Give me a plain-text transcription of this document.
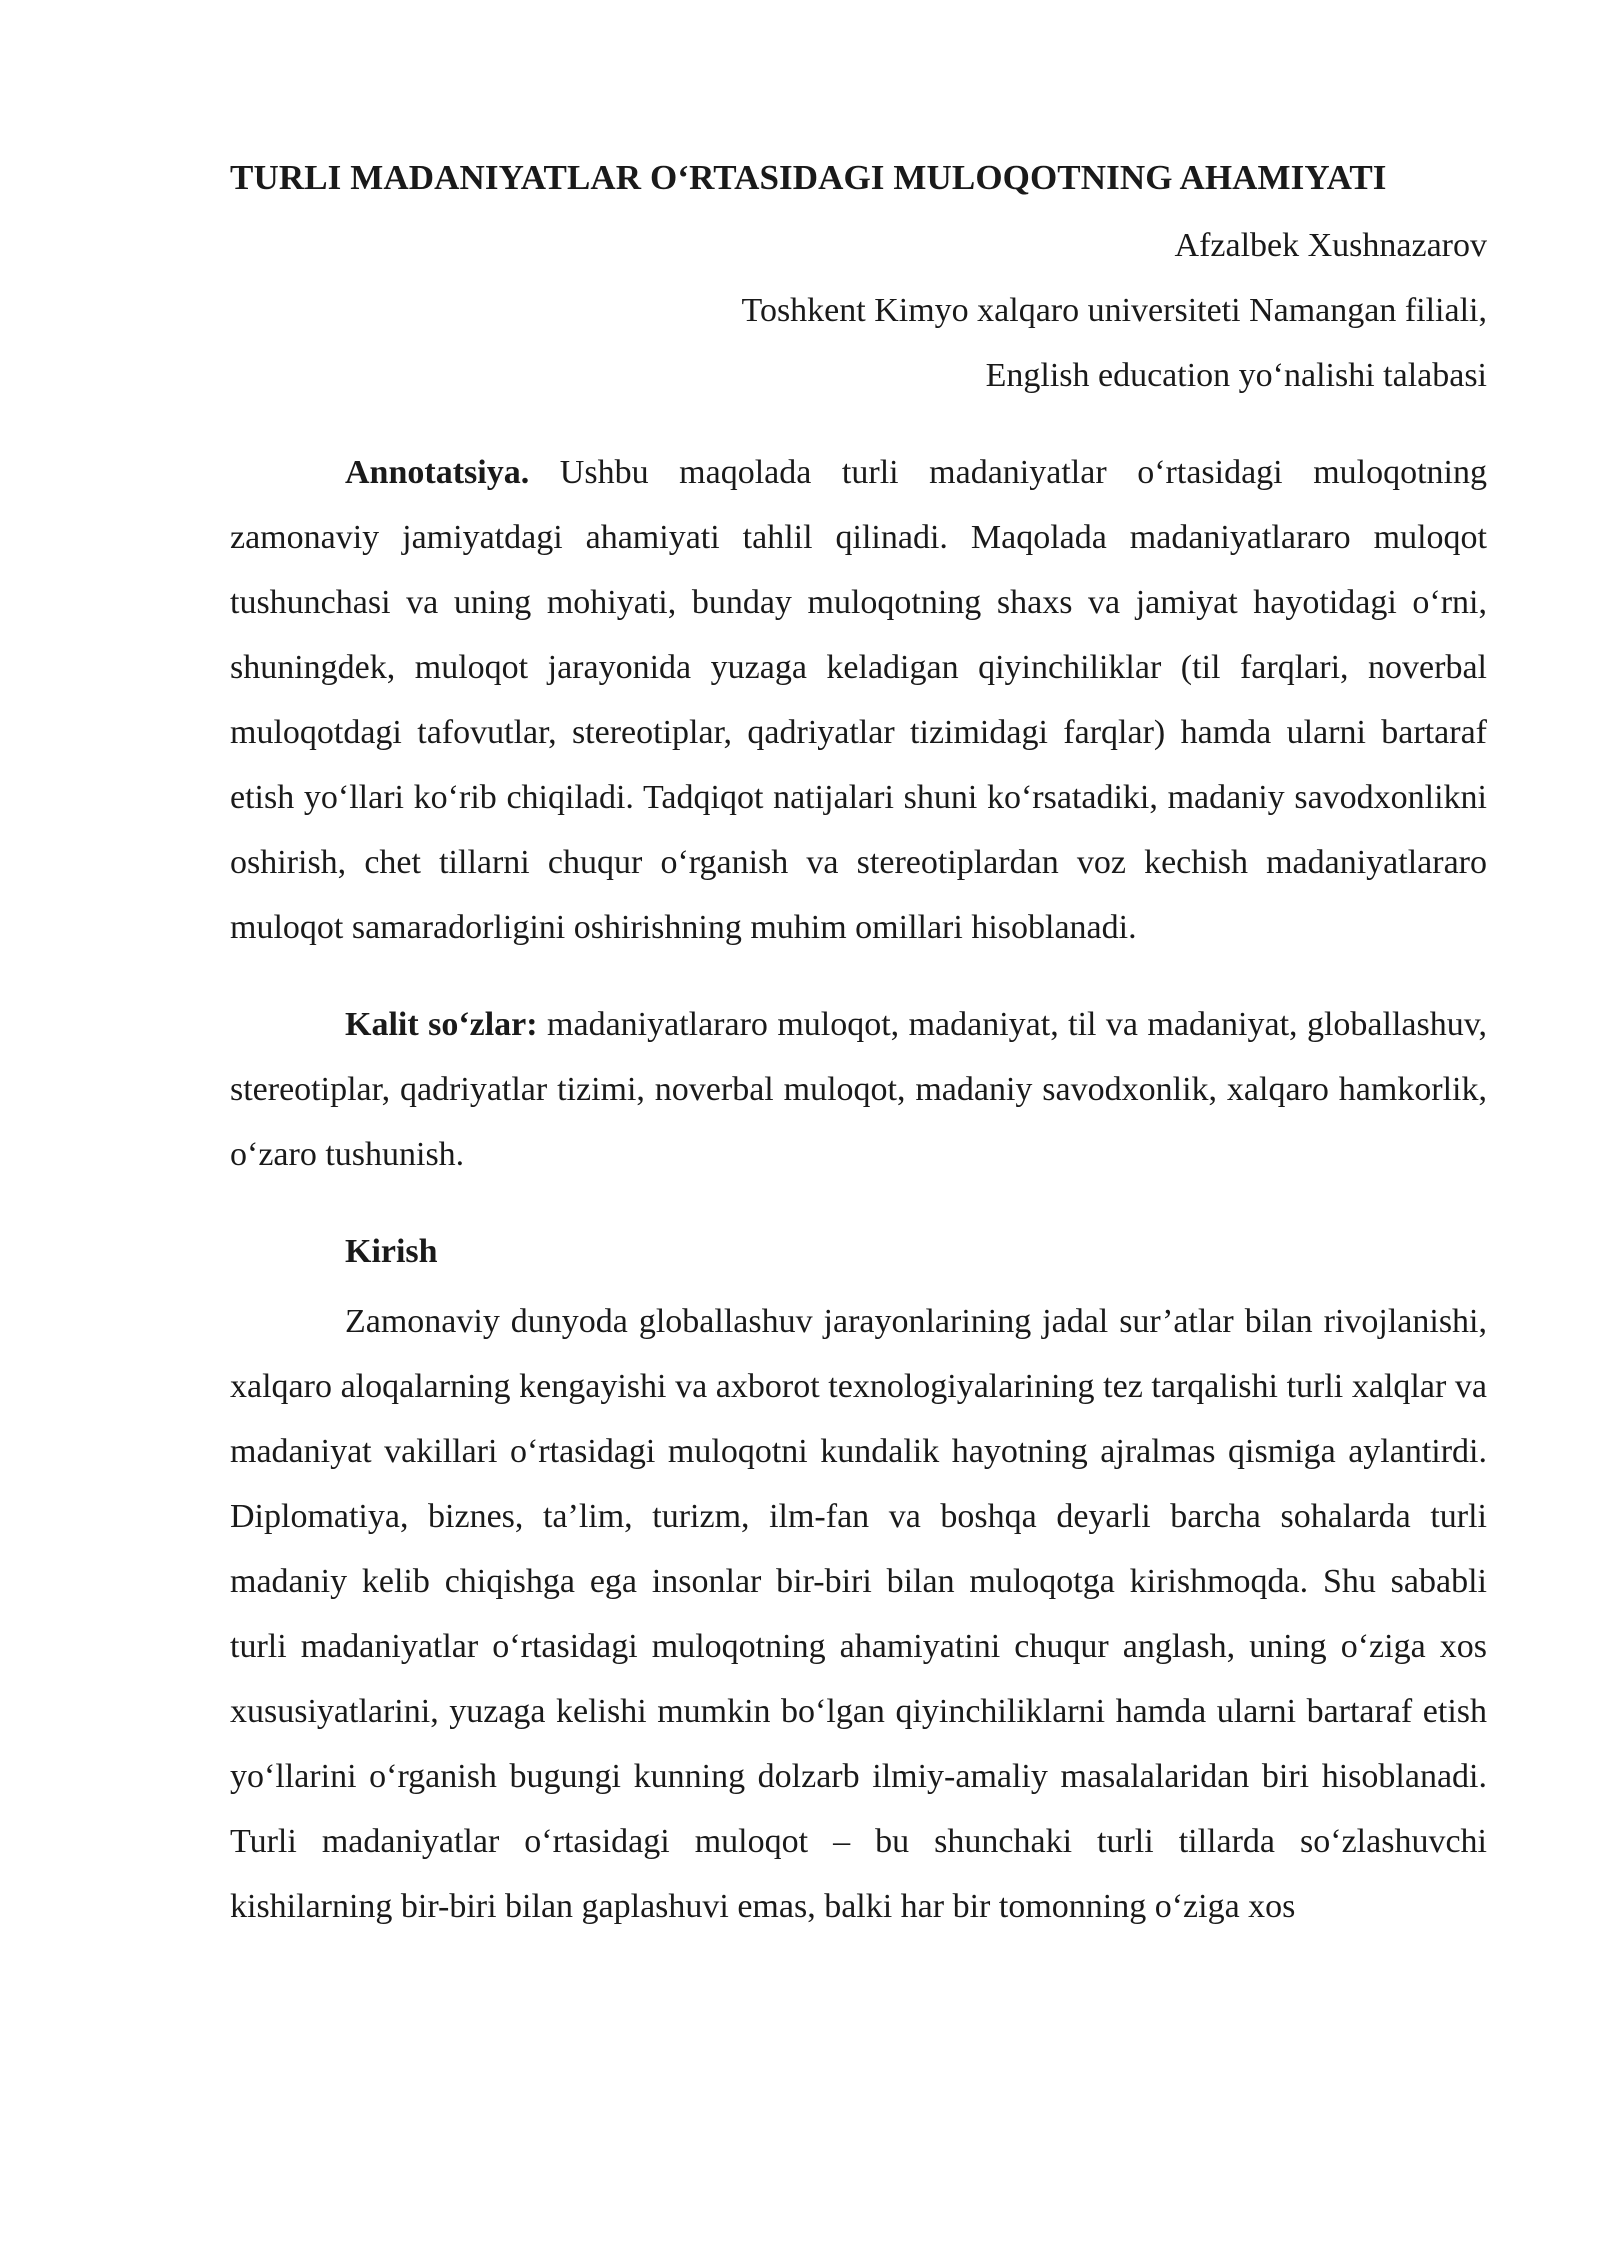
TURLI MADANIYATLAR O‘RTASIDAGI MULOQOTNING AHAMIYATI
Afzalbek Xushnazarov
Toshkent Kimyo xalqaro universiteti Namangan filiali,
English education yo‘nalishi talabasi

Annotatsiya. Ushbu maqolada turli madaniyatlar o‘rtasidagi muloqotning zamonaviy jamiyatdagi ahamiyati tahlil qilinadi. Maqolada madaniyatlararo muloqot tushunchasi va uning mohiyati, bunday muloqotning shaxs va jamiyat hayotidagi o‘rni, shuningdek, muloqot jarayonida yuzaga keladigan qiyinchiliklar (til farqlari, noverbal muloqotdagi tafovutlar, stereotiplar, qadriyatlar tizimidagi farqlar) hamda ularni bartaraf etish yo‘llari ko‘rib chiqiladi. Tadqiqot natijalari shuni ko‘rsatadiki, madaniy savodxonlikni oshirish, chet tillarni chuqur o‘rganish va stereotiplardan voz kechish madaniyatlararo muloqot samaradorligini oshirishning muhim omillari hisoblanadi.

Kalit so‘zlar: madaniyatlararo muloqot, madaniyat, til va madaniyat, globallashuv, stereotiplar, qadriyatlar tizimi, noverbal muloqot, madaniy savodxonlik, xalqaro hamkorlik, o‘zaro tushunish.

Kirish

Zamonaviy dunyoda globallashuv jarayonlarining jadal sur’atlar bilan rivojlanishi, xalqaro aloqalarning kengayishi va axborot texnologiyalarining tez tarqalishi turli xalqlar va madaniyat vakillari o‘rtasidagi muloqotni kundalik hayotning ajralmas qismiga aylantirdi. Diplomatiya, biznes, ta’lim, turizm, ilm-fan va boshqa deyarli barcha sohalarda turli madaniy kelib chiqishga ega insonlar bir-biri bilan muloqotga kirishmoqda. Shu sababli turli madaniyatlar o‘rtasidagi muloqotning ahamiyatini chuqur anglash, uning o‘ziga xos xususiyatlarini, yuzaga kelishi mumkin bo‘lgan qiyinchiliklarni hamda ularni bartaraf etish yo‘llarini o‘rganish bugungi kunning dolzarb ilmiy-amaliy masalalaridan biri hisoblanadi. Turli madaniyatlar o‘rtasidagi muloqot – bu shunchaki turli tillarda so‘zlashuvchi kishilarning bir-biri bilan gaplashuvi emas, balki har bir tomonning o‘ziga xos
